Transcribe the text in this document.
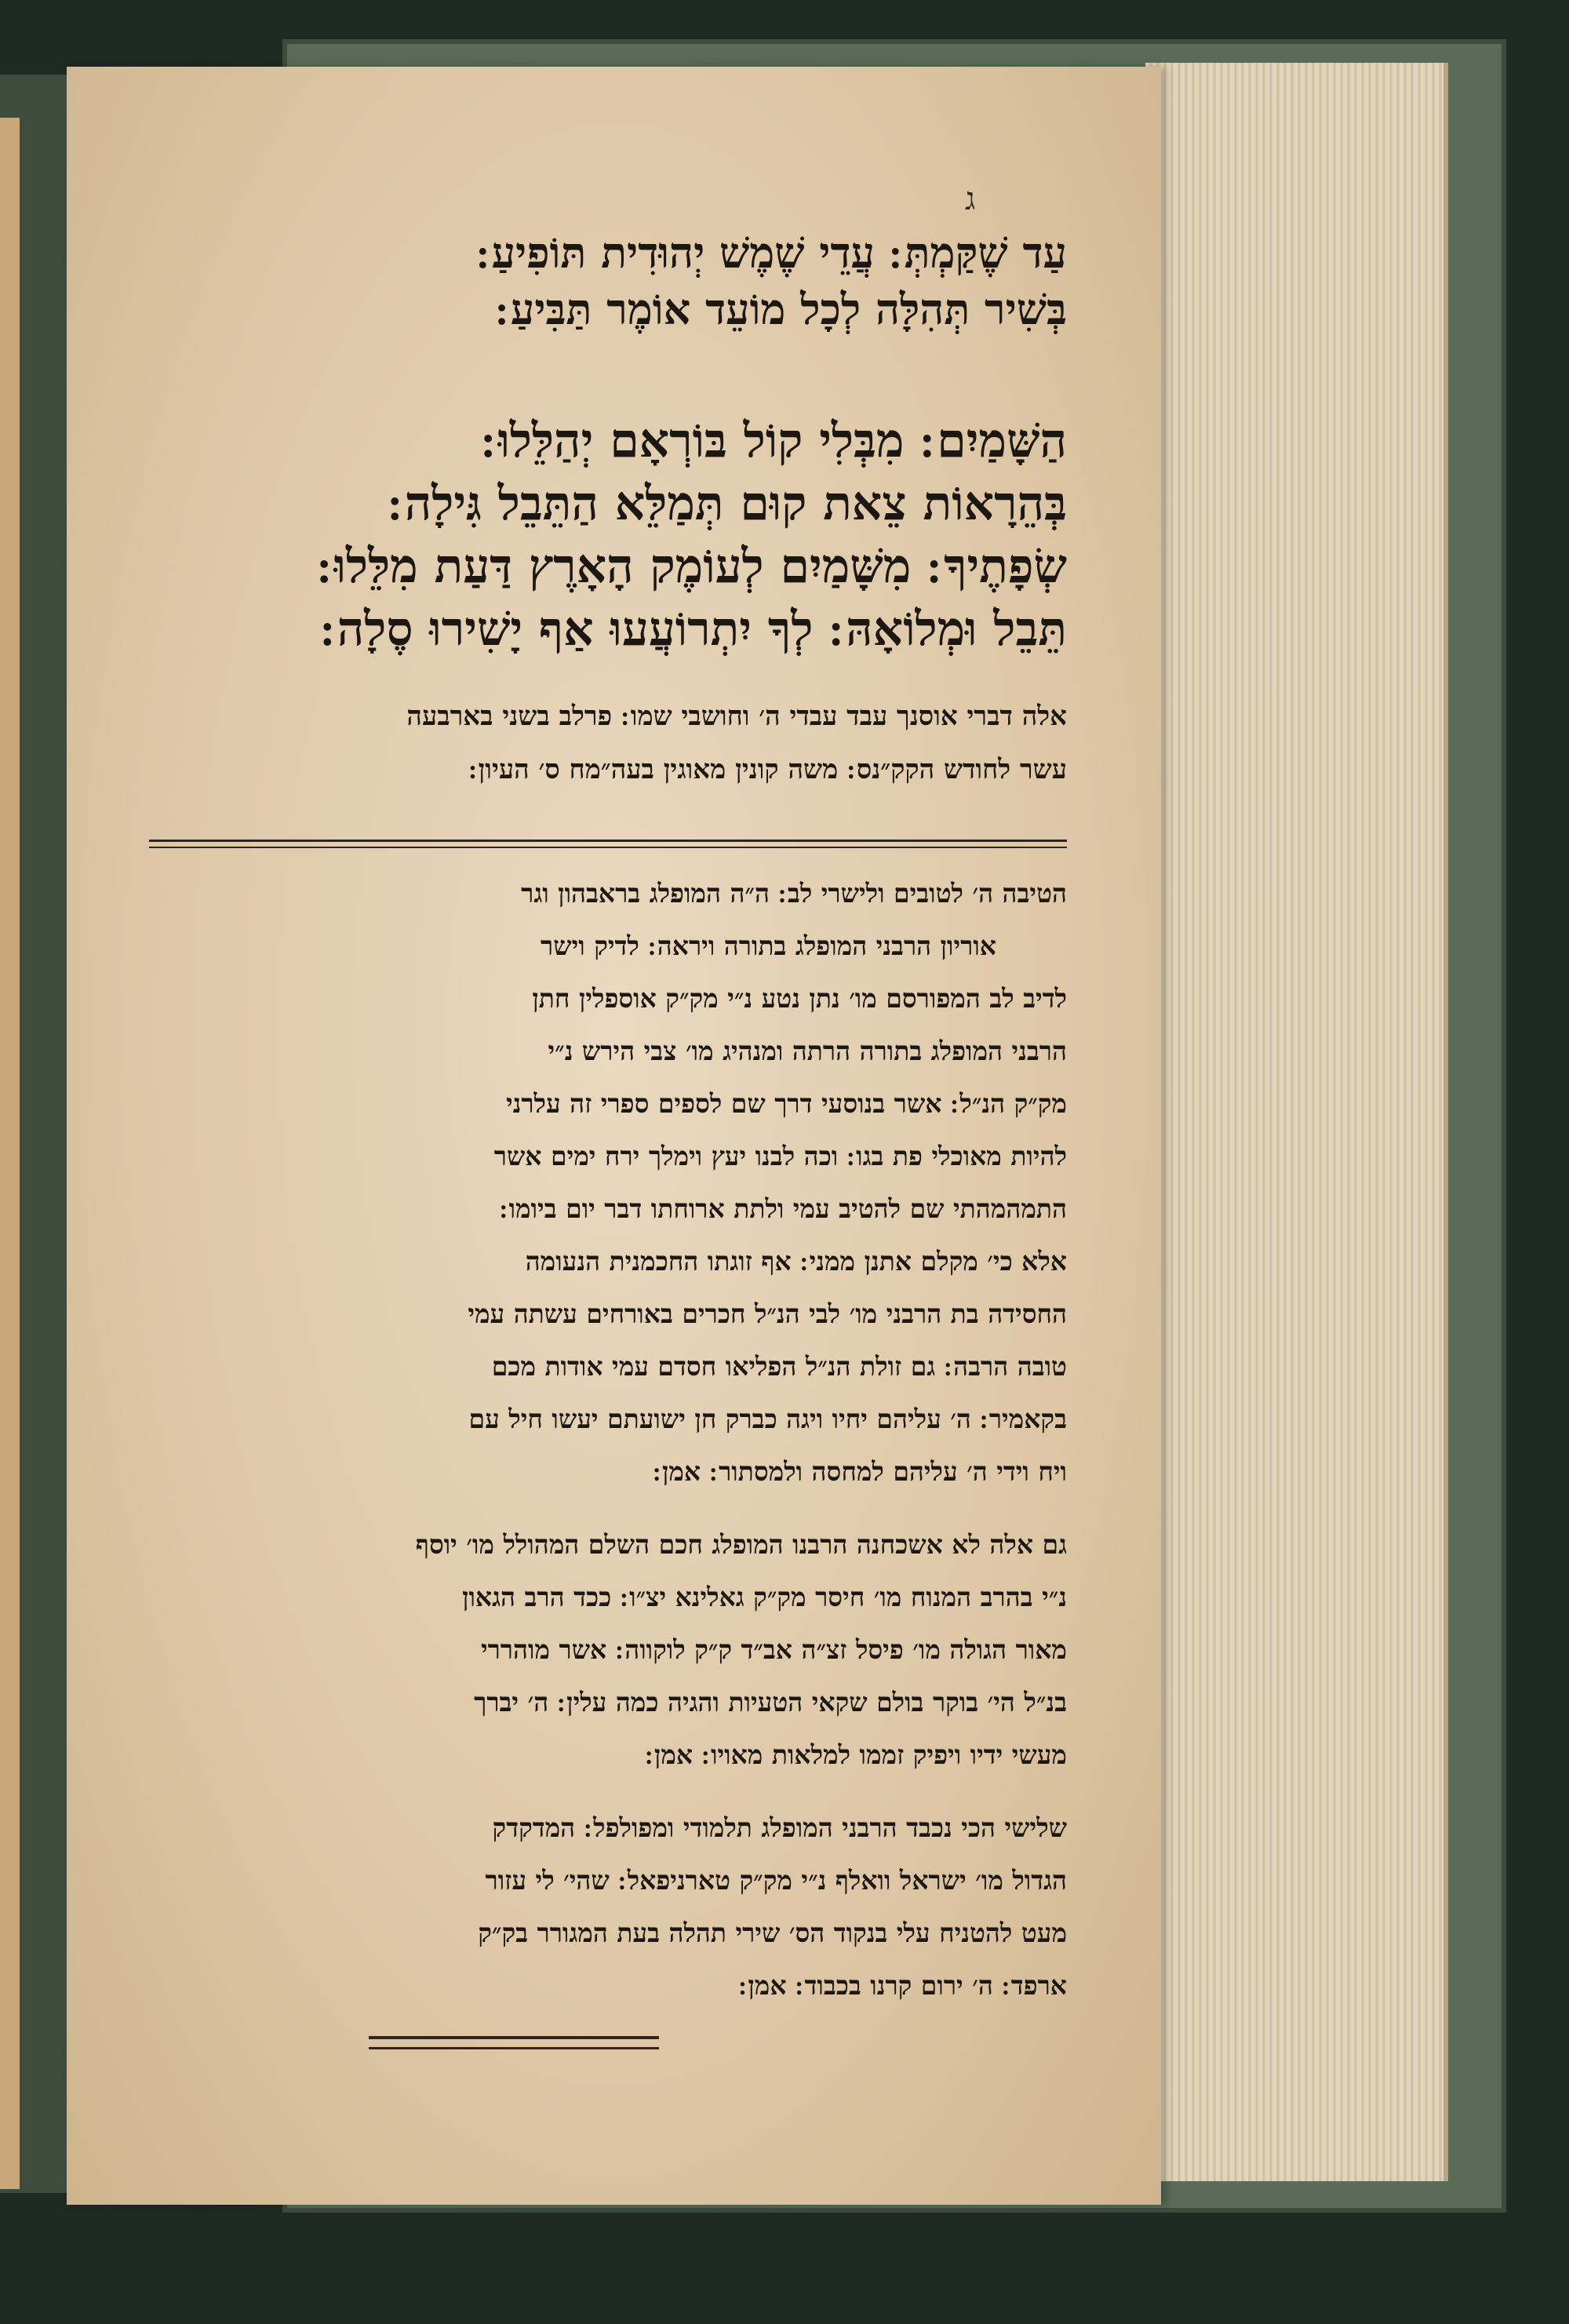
ג
עַד שֶׁקַּמְתְּ ׃ עֲדֵי שֶׁמֶשׁ יְהוּדִית תּוֹפִיעַ ׃
בְּשִׁיר תְּהִלָּה לְכָל מוֹעֵד אוֹמֶר תַּבִּיעַ ׃
הַשָּׁמַיִם ׃ מִבְּלִי קוֹל בּוֹרְאָם יְהַלֵּלוּ ׃
בְּהֵרָאוֹת צֵאת קוּם תְּמַלֵּא הַתֵּבֵל גִּילָה ׃
שְׂפָתֶיךָ ׃ מִשָּׁמַיִם לְעוֹמֶק הָאָרֶץ דַּעַת מִלֵּלוּ ׃
תֵּבֵל וּמְלוֹאָהּ ׃ לְךָ יִתְרוֹעֲעוּ אַף יָשִׁירוּ סֶלָה ׃
אלה דברי אוסנך עבד עבדי ה׳ וחושבי שמו ׃ פרלב בשני בארבעה
עשר לחודש הקק״נס ׃ משה קונין מאוגין בעה״מח ס׳ העיון ׃
הטיבה ה׳ לטובים ולישרי לב ׃ ה״ה המופלג בראבהון וגר
אוריון הרבני המופלג בתורה ויראה ׃ לדיק וישר
לדיב לב המפורסם מו׳ נתן נטע נ״י מק״ק אוספלין חתן
הרבני המופלג בתורה הרתה ומנהיג מו׳ צבי הירש נ״י
מק״ק הנ״ל ׃ אשר בנוסעי דרך שם לספים ספרי זה עלרני
להיות מאוכלי פת בגו ׃ וכה לבנו יעץ וימלך ירח ימים אשר
התמהמהתי שם להטיב עמי ולתת ארוחתו דבר יום ביומו ׃
אלא כי׳ מקלם אתנן ממני ׃ אף זוגתו החכמנית הנעומה
החסידה בת הרבני מו׳ לבי הנ״ל חכרים באורחים עשתה עמי
טובה הרבה ׃ גם זולת הנ״ל הפליאו חסדם עמי אודות מכם
בקאמיר ׃ ה׳ עליהם יחיו ויגה כברק חן ישועתם יעשו חיל עם
ויח וידי ה׳ עליהם למחסה ולמסתור ׃ אמן ׃
גם אלה לא אשכחנה הרבנו המופלג חכם השלם המהולל מו׳ יוסף
נ״י בהרב המנוח מו׳ חיסר מק״ק גאלינא יצ״ו ׃ ככד הרב הגאון
מאור הגולה מו׳ פיסל זצ״ה אב״ד ק״ק לוקווה ׃ אשר מוהררי
בנ״ל הי׳ בוקר בולם שקאי הטעיות והגיה כמה עלין ׃ ה׳ יברך
מעשי ידיו ויפיק זממו למלאות מאויו ׃ אמן ׃
שלישי הכי נכבד הרבני המופלג תלמודי ומפולפל ׃ המדקדק
הגדול מו׳ ישראל וואלף נ״י מק״ק טארניפאל ׃ שהי׳ לי עזור
מעט להטניח עלי בנקוד הס׳ שירי תהלה בעת המגורר בק״ק
ארפד ׃ ה׳ ירום קרנו בכבוד ׃ אמן ׃
